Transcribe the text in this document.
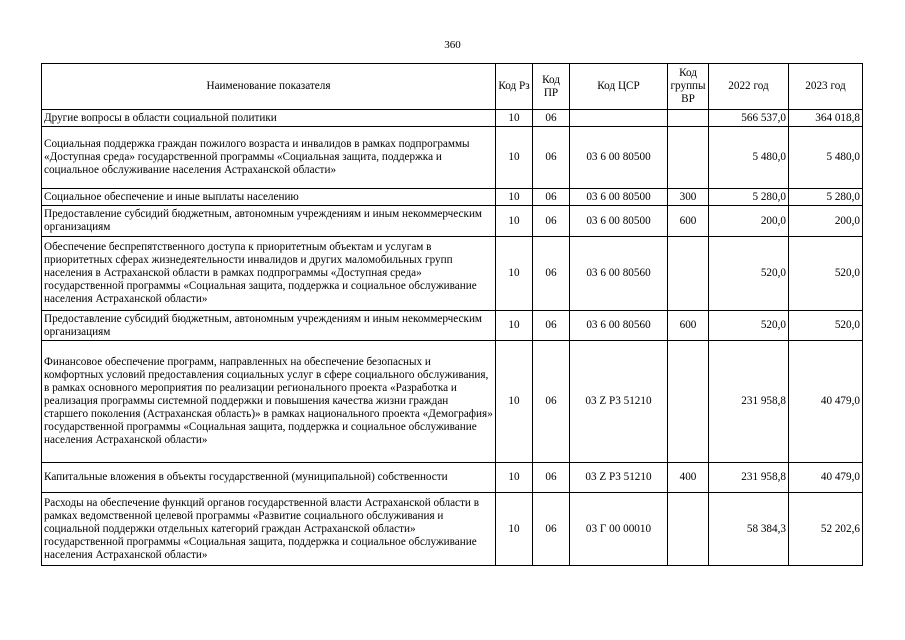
360
Наименование показателя	Код Рз	Код ПР	Код ЦСР	Код группы ВР	2022 год	2023 год
Другие вопросы в области социальной политики	10	06			566 537,0	364 018,8
Социальная поддержка граждан пожилого возраста и инвалидов в рамках подпрограммы «Доступная среда» государственной программы «Социальная защита, поддержка и социальное обслуживание населения Астраханской области»	10	06	03 6 00 80500		5 480,0	5 480,0
Социальное обеспечение и иные выплаты населению	10	06	03 6 00 80500	300	5 280,0	5 280,0
Предоставление субсидий бюджетным, автономным учреждениям и иным некоммерческим организациям	10	06	03 6 00 80500	600	200,0	200,0
Обеспечение беспрепятственного доступа к приоритетным объектам и услугам в приоритетных сферах жизнедеятельности инвалидов и других маломобильных групп населения в Астраханской области в рамках подпрограммы «Доступная среда» государственной программы «Социальная защита, поддержка и социальное обслуживание населения Астраханской области»	10	06	03 6 00 80560		520,0	520,0
Предоставление субсидий бюджетным, автономным учреждениям и иным некоммерческим организациям	10	06	03 6 00 80560	600	520,0	520,0
Финансовое обеспечение программ, направленных на обеспечение безопасных и комфортных условий предоставления социальных услуг в сфере социального обслуживания, в рамках основного мероприятия по реализации регионального проекта «Разработка и реализация программы системной поддержки и повышения качества жизни граждан старшего поколения (Астраханская область)» в рамках национального проекта «Демография» государственной программы «Социальная защита, поддержка и социальное обслуживание населения Астраханской области»	10	06	03 Z P3 51210		231 958,8	40 479,0
Капитальные вложения в объекты государственной (муниципальной) собственности	10	06	03 Z P3 51210	400	231 958,8	40 479,0
Расходы на обеспечение функций органов государственной власти Астраханской области в рамках ведомственной целевой программы «Развитие социального обслуживания и социальной поддержки отдельных категорий граждан Астраханской области» государственной программы «Социальная защита, поддержка и социальное обслуживание населения Астраханской области»	10	06	03 Г 00 00010		58 384,3	52 202,6
